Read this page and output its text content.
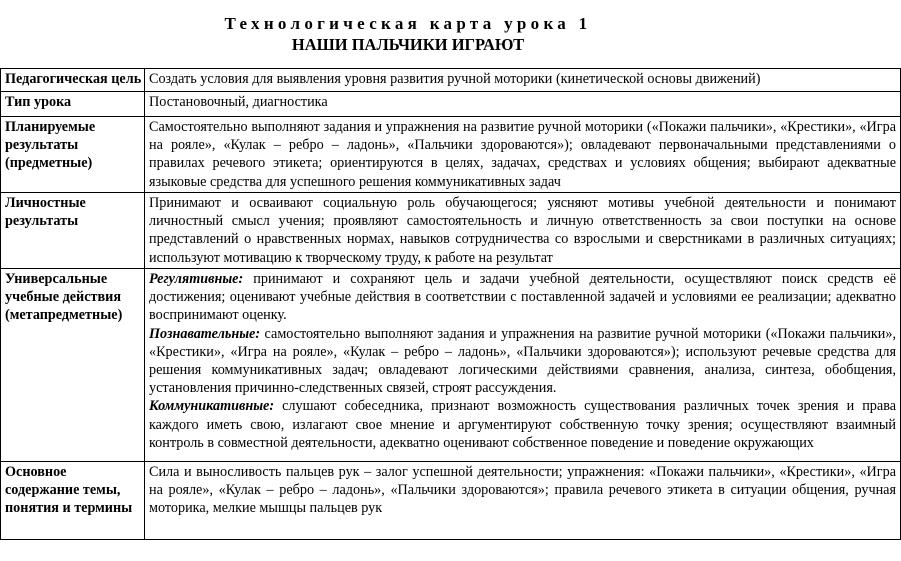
Технологическая карта урока 1
НАШИ ПАЛЬЧИКИ ИГРАЮТ
Педагогическая цель	Создать условия для выявления уровня развития ручной моторики (кинетической основы движений)
Тип урока	Постановочный, диагностика
Планируемые результаты (предметные)	Самостоятельно выполняют задания и упражнения на развитие ручной моторики («Покажи пальчики», «Крестики», «Игра на рояле», «Кулак – ребро – ладонь», «Пальчики здороваются»); овладевают первоначальными представлениями о правилах речевого этикета; ориентируются в целях, задачах, средствах и условиях общения; выбирают адекватные языковые средства для успешного решения коммуникативных задач
Личностные результаты	Принимают и осваивают социальную роль обучающегося; уясняют мотивы учебной деятельности и понимают личностный смысл учения; проявляют самостоятельность и личную ответственность за свои поступки на основе представлений о нравственных нормах, навыков сотрудничества со взрослыми и сверстниками в различных ситуациях; используют мотивацию к творческому труду, к работе на результат
Универсальные учебные действия (метапредметные)	Регулятивные: принимают и сохраняют цель и задачи учебной деятельности, осуществляют поиск средств её достижения; оценивают учебные действия в соответствии с поставленной задачей и условиями ее реализации; адекватно воспринимают оценку.
Познавательные: самостоятельно выполняют задания и упражнения на развитие ручной моторики («Покажи пальчики», «Крестики», «Игра на рояле», «Кулак – ребро – ладонь», «Пальчики здороваются»); используют речевые средства для решения коммуникативных задач; овладевают логическими действиями сравнения, анализа, синтеза, обобщения, установления причинно-следственных связей, строят рассуждения.
Коммуникативные: слушают собеседника, признают возможность существования различных точек зрения и права каждого иметь свою, излагают свое мнение и аргументируют собственную точку зрения; осуществляют взаимный контроль в совместной деятельности, адекватно оценивают собственное поведение и поведение окружающих
Основное содержание темы, понятия и термины	Сила и выносливость пальцев рук – залог успешной деятельности; упражнения: «Покажи пальчики», «Крестики», «Игра на рояле», «Кулак – ребро – ладонь», «Пальчики здороваются»; правила речевого этикета в ситуации общения, ручная моторика, мелкие мышцы пальцев рук
